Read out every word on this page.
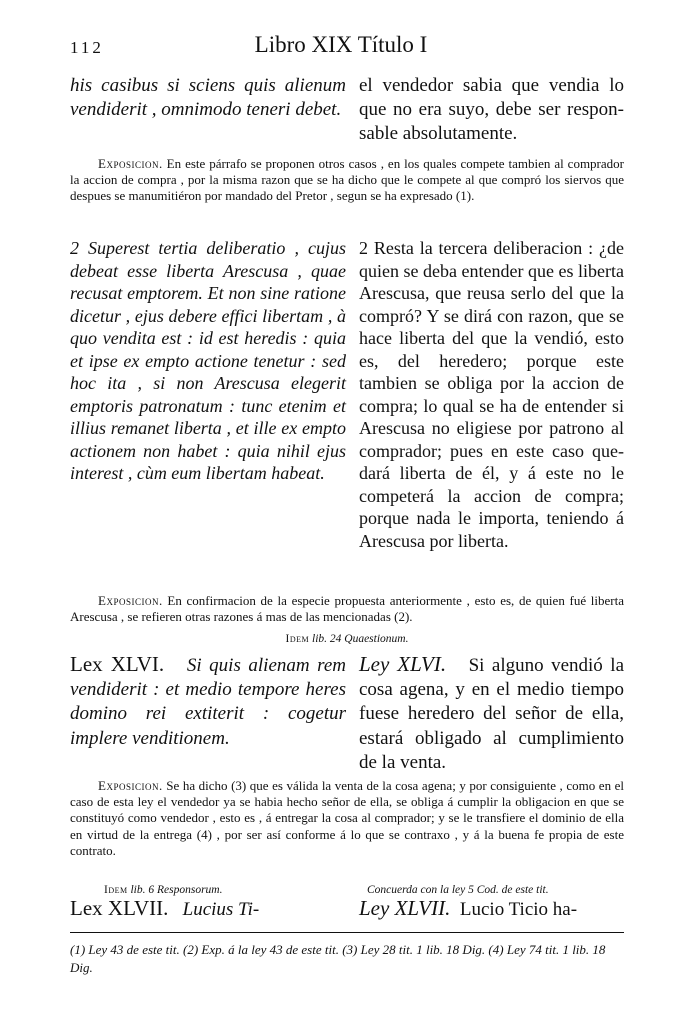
112	Libro XIX Título I

his casibus si sciens quis alienum vendiderit , omnimodo teneri debet.

el vendedor sabia que vendia lo que no era suyo, debe ser responsable absolutamente.

Exposicion. En este párrafo se proponen otros casos , en los quales compete tambien al comprador la accion de compra , por la misma razon que se ha dicho que le compete al que compró los siervos que despues se manumitiéron por mandado del Pretor , segun se ha expresado (1).

2 Superest tertia deliberatio , cujus debeat esse liberta Arescusa , quae recusat emptorem. Et non sine ratione dicetur , ejus debere effici libertam , à quo vendita est : id est heredis : quia et ipse ex empto actione tenetur : sed hoc ita , si non Arescusa elegerit emptoris patronatum : tunc etenim et illius remanet liberta , et ille ex empto actionem non habet : quia nihil ejus interest , cùm eum libertam habeat.

2 Resta la tercera deliberacion : ¿de quien se deba entender que es liberta Arescusa, que reusa serlo del que la compró? Y se dirá con razon, que se hace liberta del que la vendió, esto es, del heredero; porque este tambien se obliga por la accion de compra; lo qual se ha de entender si Arescusa no eligiese por patrono al comprador; pues en este caso quedará liberta de él, y á este no le competerá la accion de compra; porque nada le importa, teniendo á Arescusa por liberta.

Exposicion. En confirmacion de la especie propuesta anteriormente , esto es, de quien fué liberta Arescusa , se refieren otras razones á mas de las mencionadas (2).

Idem lib. 24 Quaestionum.

Lex XLVI. Si quis alienam rem vendiderit : et medio tempore heres domino rei extiterit : cogetur implere venditionem.

Ley XLVI. Si alguno vendió la cosa agena, y en el medio tiempo fuese heredero del señor de ella, estará obligado al cumplimiento de la venta.

Exposicion. Se ha dicho (3) que es válida la venta de la cosa agena; y por consiguiente , como en el caso de esta ley el vendedor ya se habia hecho señor de ella, se obliga á cumplir la obligacion en que se constituyó como vendedor , esto es , á entregar la cosa al comprador; y se le transfiere el dominio de ella en virtud de la entrega (4) , por ser así conforme á lo que se contraxo , y á la buena fe propia de este contrato.

Idem lib. 6 Responsorum.

Lex XLVII. Lucius Ti-

Concuerda con la ley 5 Cod. de este tit.

Ley XLVII. Lucio Ticio ha-

(1) Ley 43 de este tit. (2) Exp. á la ley 43 de este tit. (3) Ley 28 tit. 1 lib. 18 Dig. (4) Ley 74 tit. 1 lib. 18 Dig.
